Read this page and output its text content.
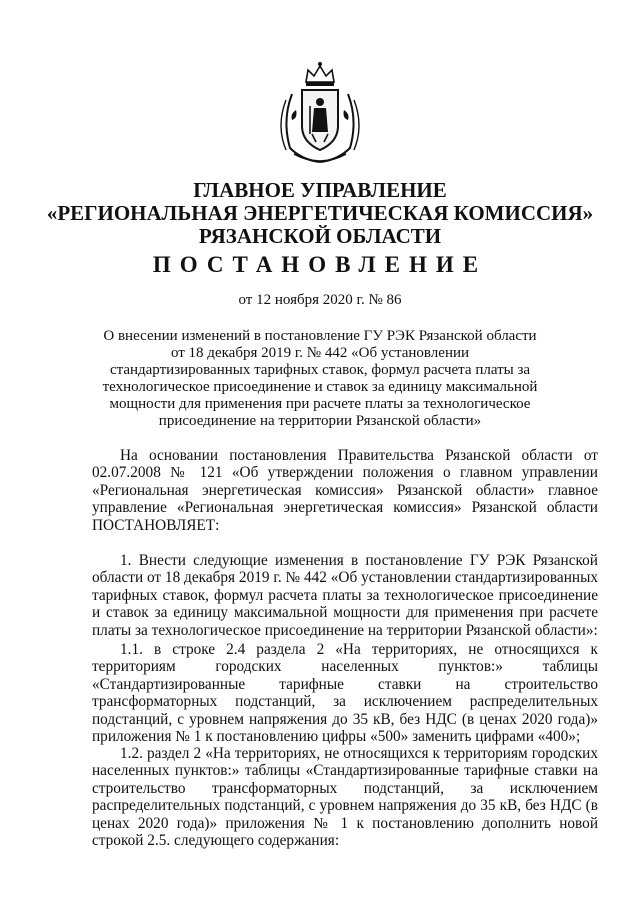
ГЛАВНОЕ УПРАВЛЕНИЕ
«РЕГИОНАЛЬНАЯ ЭНЕРГЕТИЧЕСКАЯ КОМИССИЯ»
РЯЗАНСКОЙ ОБЛАСТИ
ПОСТАНОВЛЕНИЕ
от 12 ноября 2020 г. № 86
О внесении изменений в постановление ГУ РЭК Рязанской области от 18 декабря 2019 г. № 442 «Об установлении стандартизированных тарифных ставок, формул расчета платы за технологическое присоединение и ставок за единицу максимальной мощности для применения при расчете платы за технологическое присоединение на территории Рязанской области»
На основании постановления Правительства Рязанской области от 02.07.2008 № 121 «Об утверждении положения о главном управлении «Региональная энергетическая комиссия» Рязанской области» главное управление «Региональная энергетическая комиссия» Рязанской области ПОСТАНОВЛЯЕТ:
1. Внести следующие изменения в постановление ГУ РЭК Рязанской области от 18 декабря 2019 г. № 442 «Об установлении стандартизированных тарифных ставок, формул расчета платы за технологическое присоединение и ставок за единицу максимальной мощности для применения при расчете платы за технологическое присоединение на территории Рязанской области»:
1.1. в строке 2.4 раздела 2 «На территориях, не относящихся к территориям городских населенных пунктов:» таблицы «Стандартизированные тарифные ставки на строительство трансформаторных подстанций, за исключением распределительных подстанций, с уровнем напряжения до 35 кВ, без НДС (в ценах 2020 года)» приложения № 1 к постановлению цифры «500» заменить цифрами «400»;
1.2. раздел 2 «На территориях, не относящихся к территориям городских населенных пунктов:» таблицы «Стандартизированные тарифные ставки на строительство трансформаторных подстанций, за исключением распределительных подстанций, с уровнем напряжения до 35 кВ, без НДС (в ценах 2020 года)» приложения № 1 к постановлению дополнить новой строкой 2.5. следующего содержания:
